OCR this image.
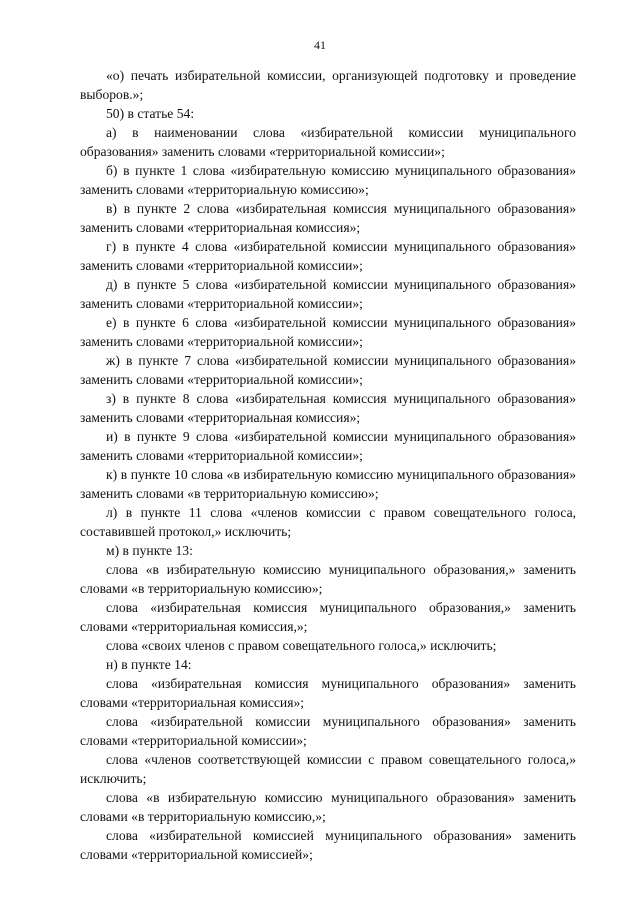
41

«о) печать избирательной комиссии, организующей подготовку и проведение выборов.»;

50) в статье 54:

а) в наименовании слова «избирательной комиссии муниципального образования» заменить словами «территориальной комиссии»;

б) в пункте 1 слова «избирательную комиссию муниципального образования» заменить словами «территориальную комиссию»;

в) в пункте 2 слова «избирательная комиссия муниципального образования» заменить словами «территориальная комиссия»;

г) в пункте 4 слова «избирательной комиссии муниципального образования» заменить словами «территориальной комиссии»;

д) в пункте 5 слова «избирательной комиссии муниципального образования» заменить словами «территориальной комиссии»;

е) в пункте 6 слова «избирательной комиссии муниципального образования» заменить словами «территориальной комиссии»;

ж) в пункте 7 слова «избирательной комиссии муниципального образования» заменить словами «территориальной комиссии»;

з) в пункте 8 слова «избирательная комиссия муниципального образования» заменить словами «территориальная комиссия»;

и) в пункте 9 слова «избирательной комиссии муниципального образования» заменить словами «территориальной комиссии»;

к) в пункте 10 слова «в избирательную комиссию муниципального образования» заменить словами «в территориальную комиссию»;

л) в пункте 11 слова «членов комиссии с правом совещательного голоса, составившей протокол,» исключить;

м) в пункте 13:

слова «в избирательную комиссию муниципального образования,» заменить словами «в территориальную комиссию»;

слова «избирательная комиссия муниципального образования,» заменить словами «территориальная комиссия,»;

слова «своих членов с правом совещательного голоса,» исключить;

н) в пункте 14:

слова «избирательная комиссия муниципального образования» заменить словами «территориальная комиссия»;

слова «избирательной комиссии муниципального образования» заменить словами «территориальной комиссии»;

слова «членов соответствующей комиссии с правом совещательного голоса,» исключить;

слова «в избирательную комиссию муниципального образования» заменить словами «в территориальную комиссию,»;

слова «избирательной комиссией муниципального образования» заменить словами «территориальной комиссией»;
